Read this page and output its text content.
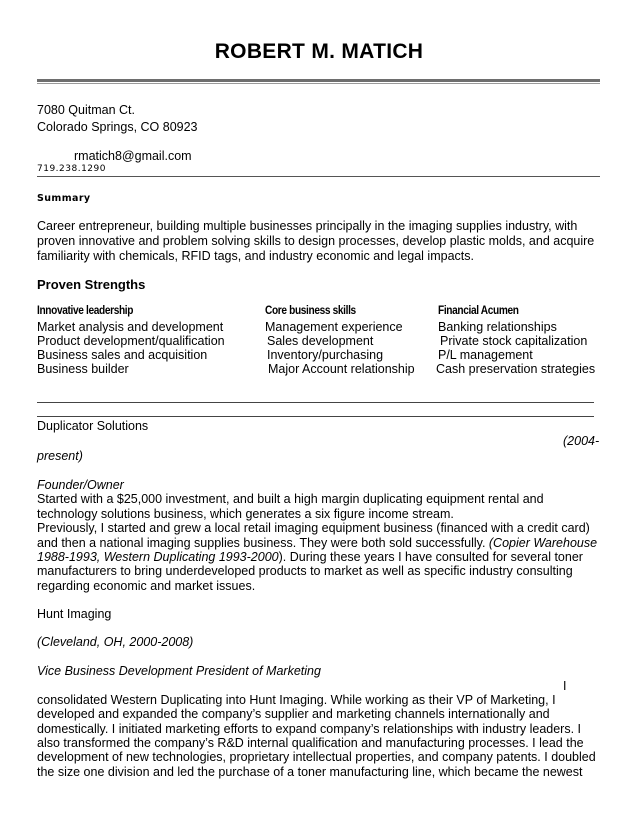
ROBERT M. MATICH
7080 Quitman Ct.
Colorado Springs, CO 80923
rmatich8@gmail.com
719.238.1290
Summary
Career entrepreneur, building multiple businesses principally in the imaging supplies industry, with
proven innovative and problem solving skills to design processes, develop plastic molds, and acquire
familiarity with chemicals, RFID tags, and industry economic and legal impacts.
Proven Strengths
Innovative leadership	Core business skills	Financial Acumen
Market analysis and development
Product development/qualification
Business sales and acquisition
Business builder
Management experience
Sales development
Inventory/purchasing
Major Account relationship
Banking relationships
Private stock capitalization
P/L management
Cash preservation strategies
Duplicator Solutions
(2004-
present)
Founder/Owner
Started with a $25,000 investment, and built a high margin duplicating equipment rental and
technology solutions business, which generates a six figure income stream.
Previously, I started and grew a local retail imaging equipment business (financed with a credit card)
and then a national imaging supplies business. They were both sold successfully. (Copier Warehouse
1988-1993, Western Duplicating 1993-2000). During these years I have consulted for several toner
manufacturers to bring underdeveloped products to market as well as specific industry consulting
regarding economic and market issues.
Hunt Imaging
(Cleveland, OH, 2000-2008)
Vice Business Development President of Marketing
I
consolidated Western Duplicating into Hunt Imaging. While working as their VP of Marketing, I
developed and expanded the company’s supplier and marketing channels internationally and
domestically. I initiated marketing efforts to expand company’s relationships with industry leaders. I
also transformed the company’s R&D internal qualification and manufacturing processes. I lead the
development of new technologies, proprietary intellectual properties, and company patents. I doubled
the size one division and led the purchase of a toner manufacturing line, which became the newest
